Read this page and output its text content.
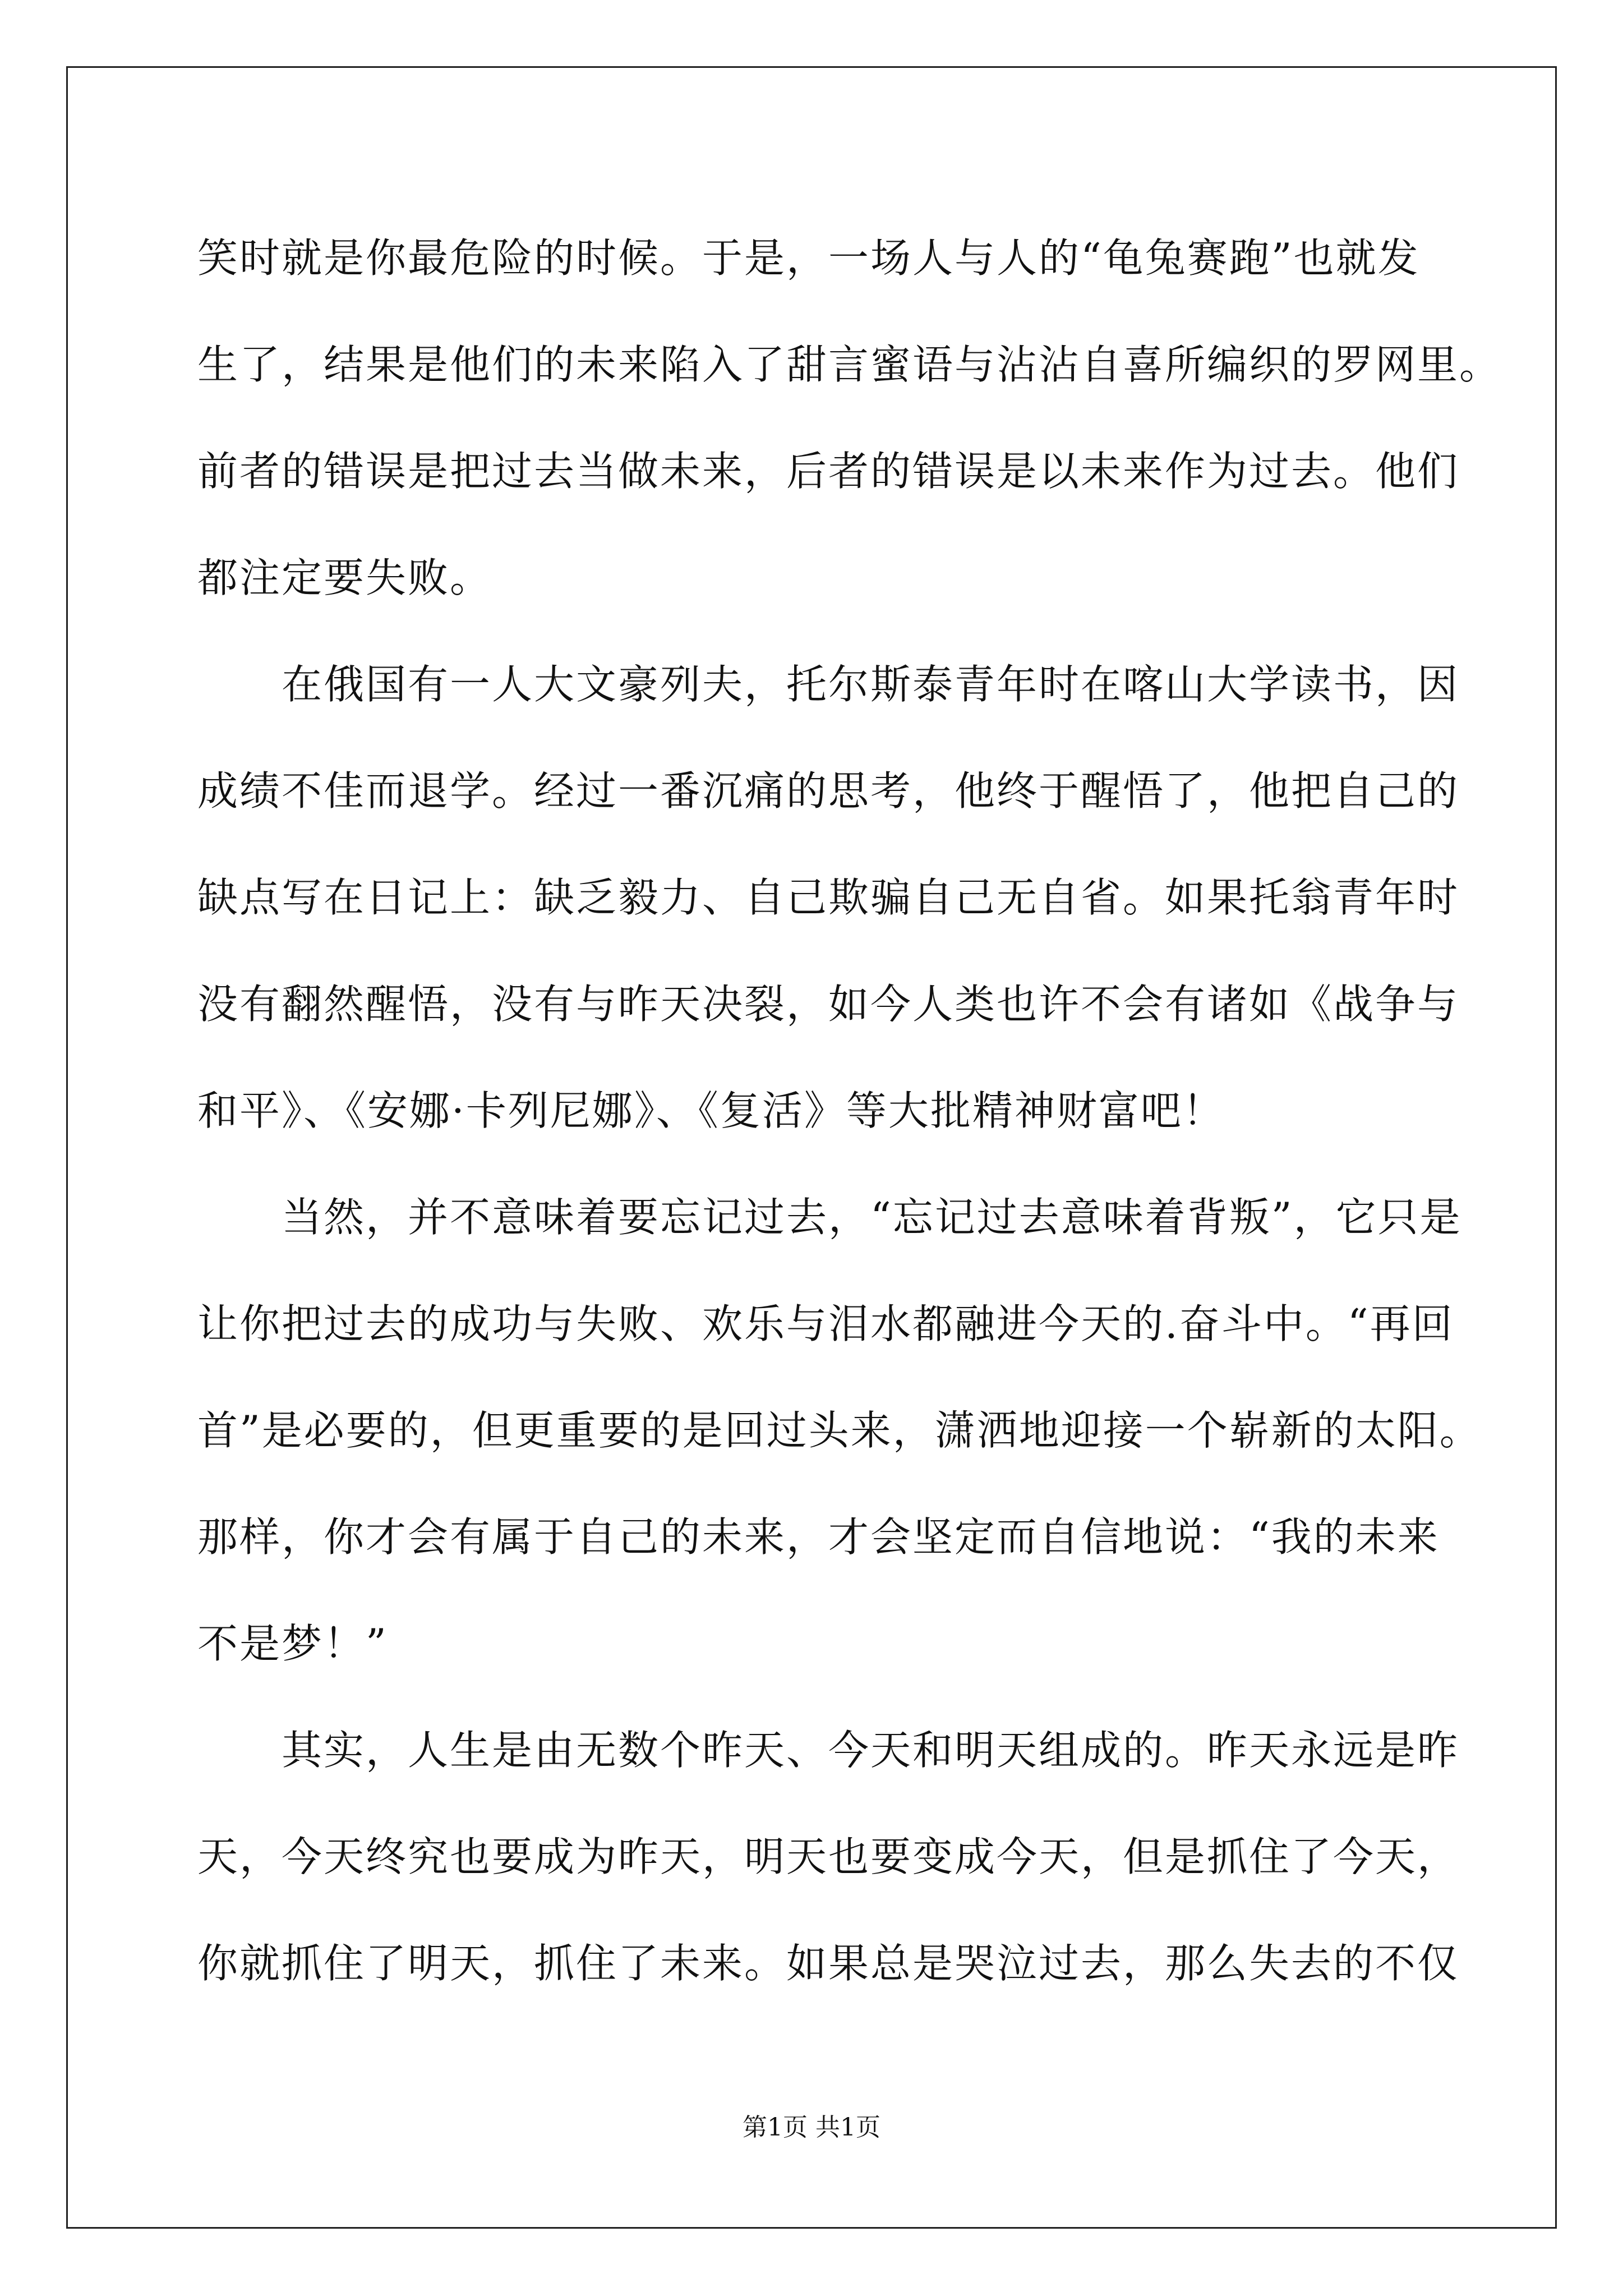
笑时就是你最危险的时候。于是，一场人与人的“龟兔赛跑”也就发
生了，结果是他们的未来陷入了甜言蜜语与沾沾自喜所编织的罗网里。
前者的错误是把过去当做未来，后者的错误是以未来作为过去。他们
都注定要失败。
在俄国有一人大文豪列夫，托尔斯泰青年时在喀山大学读书，因
成绩不佳而退学。经过一番沉痛的思考，他终于醒悟了，他把自己的
缺点写在日记上：缺乏毅力、自己欺骗自己无自省。如果托翁青年时
没有翻然醒悟，没有与昨天决裂，如今人类也许不会有诸如《战争与
和平》、《安娜·卡列尼娜》、《复活》等大批精神财富吧！
当然，并不意味着要忘记过去，“忘记过去意味着背叛”，它只是
让你把过去的成功与失败、欢乐与泪水都融进今天的.奋斗中。“再回
首”是必要的，但更重要的是回过头来，潇洒地迎接一个崭新的太阳。
那样，你才会有属于自己的未来，才会坚定而自信地说：“我的未来
不是梦！”
其实，人生是由无数个昨天、今天和明天组成的。昨天永远是昨
天，今天终究也要成为昨天，明天也要变成今天，但是抓住了今天，
你就抓住了明天，抓住了未来。如果总是哭泣过去，那么失去的不仅
第1页 共1页
